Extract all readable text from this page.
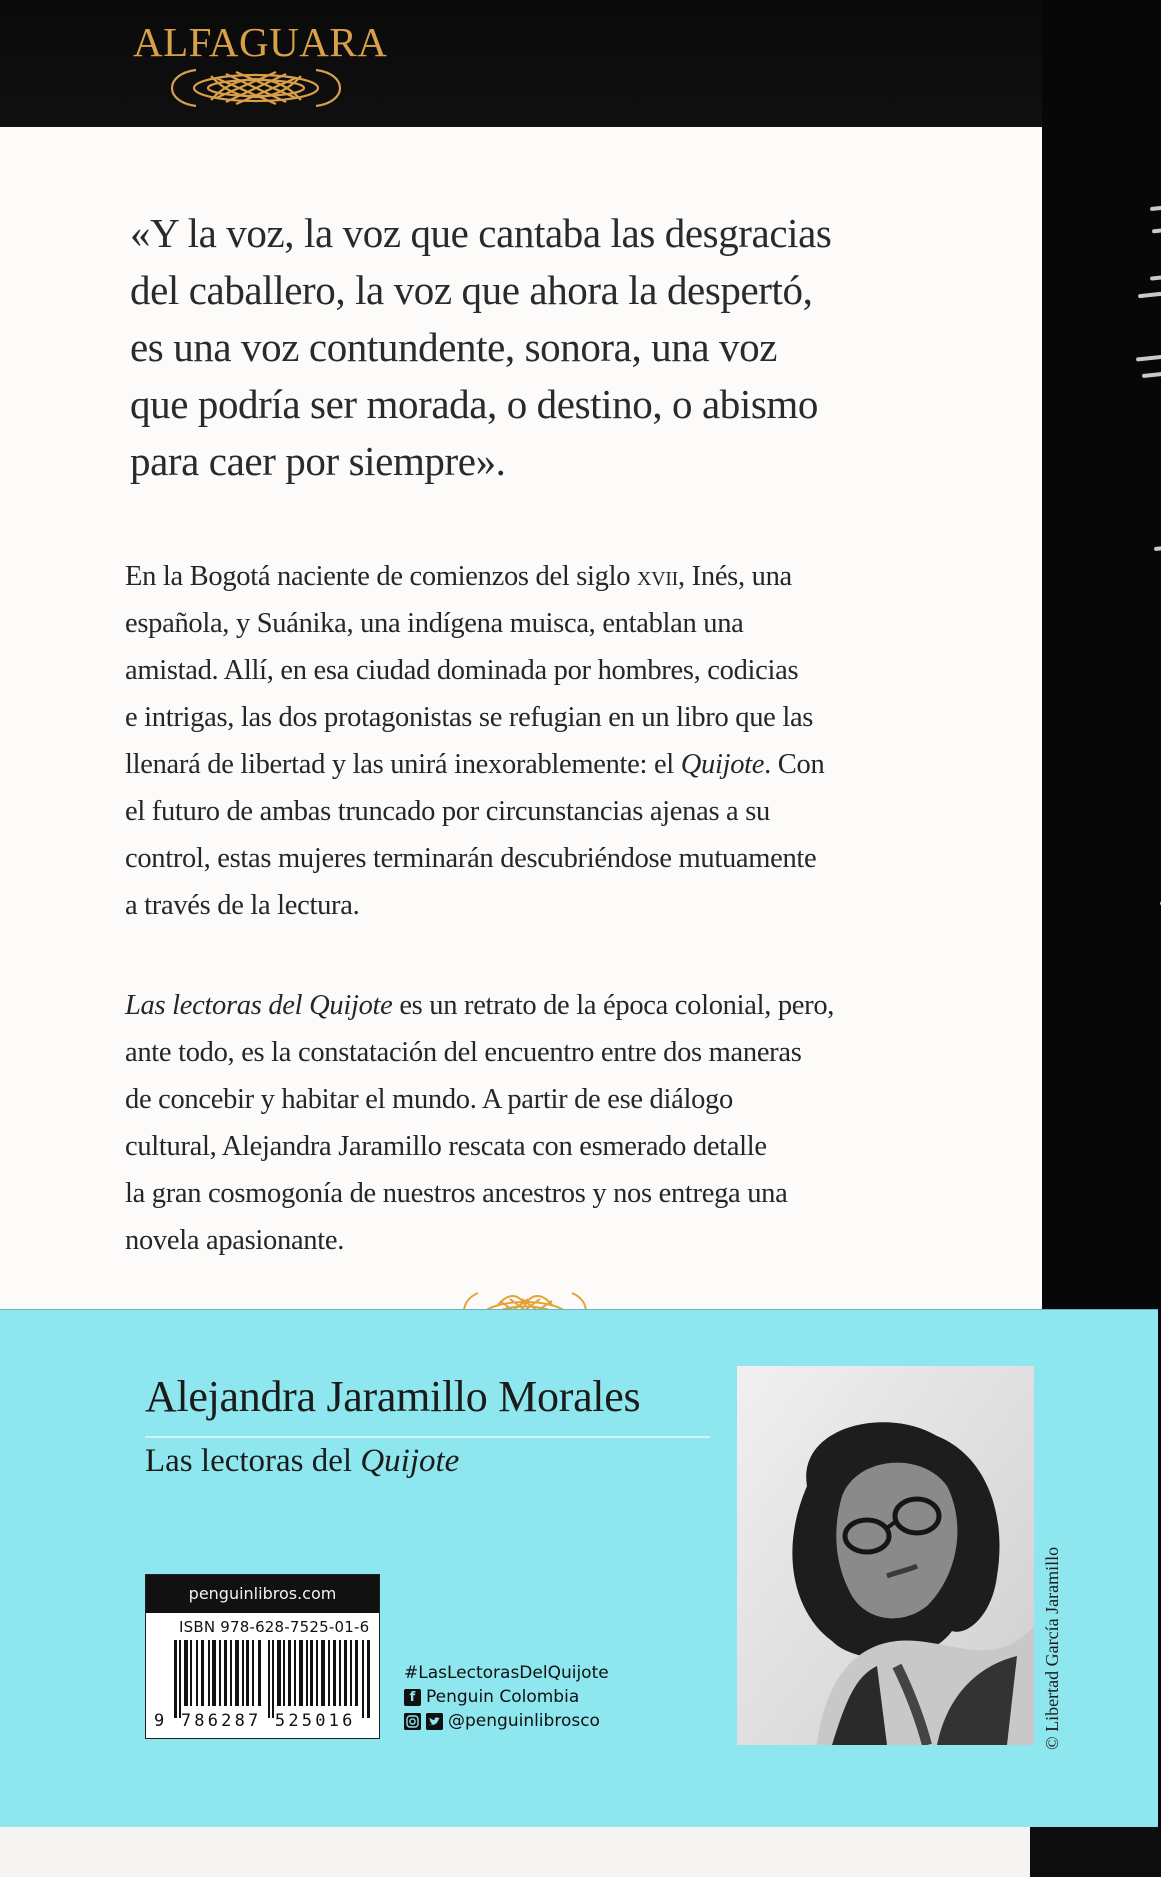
ALFAGUARA
«Y la voz, la voz que cantaba las desgracias
del caballero, la voz que ahora la despertó,
es una voz contundente, sonora, una voz
que podría ser morada, o destino, o abismo
para caer por siempre».
En la Bogotá naciente de comienzos del siglo xvii, Inés, una
española, y Suánika, una indígena muisca, entablan una
amistad. Allí, en esa ciudad dominada por hombres, codicias
e intrigas, las dos protagonistas se refugian en un libro que las
llenará de libertad y las unirá inexorablemente: el Quijote. Con
el futuro de ambas truncado por circunstancias ajenas a su
control, estas mujeres terminarán descubriéndose mutuamente
a través de la lectura.
Las lectoras del Quijote es un retrato de la época colonial, pero,
ante todo, es la constatación del encuentro entre dos maneras
de concebir y habitar el mundo. A partir de ese diálogo
cultural, Alejandra Jaramillo rescata con esmerado detalle
la gran cosmogonía de nuestros ancestros y nos entrega una
novela apasionante.
Alejandra Jaramillo Morales
Las lectoras del Quijote
penguinlibros.com
ISBN 978-628-7525-01-6
9 786287 525016
#LasLectorasDelQuijote
f Penguin Colombia
@penguinlibrosco	© Libertad García Jaramillo
